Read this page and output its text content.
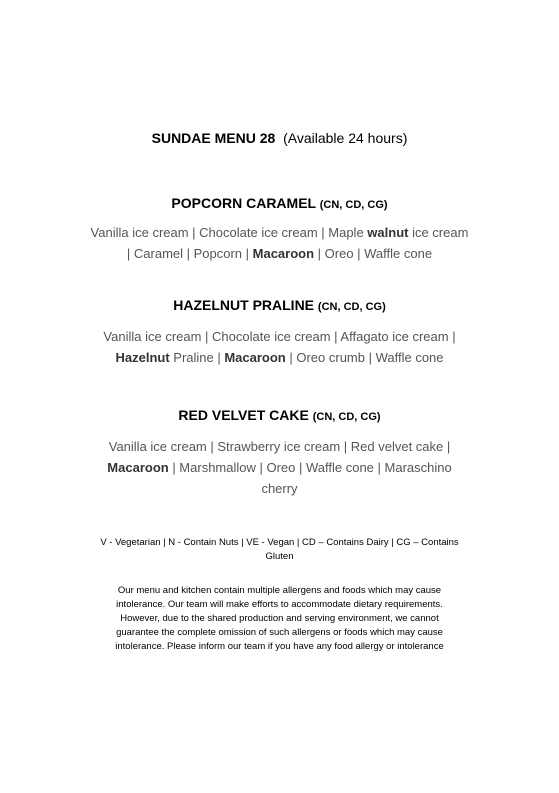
SUNDAE MENU 28 (Available 24 hours)
POPCORN CARAMEL (CN, CD, CG)
Vanilla ice cream | Chocolate ice cream | Maple walnut ice cream | Caramel | Popcorn | Macaroon | Oreo | Waffle cone
HAZELNUT PRALINE (CN, CD, CG)
Vanilla ice cream | Chocolate ice cream | Affagato ice cream | Hazelnut Praline | Macaroon | Oreo crumb | Waffle cone
RED VELVET CAKE (CN, CD, CG)
Vanilla ice cream | Strawberry ice cream | Red velvet cake | Macaroon | Marshmallow | Oreo | Waffle cone | Maraschino cherry
V - Vegetarian | N - Contain Nuts | VE - Vegan | CD – Contains Dairy | CG – Contains Gluten
Our menu and kitchen contain multiple allergens and foods which may cause intolerance. Our team will make efforts to accommodate dietary requirements. However, due to the shared production and serving environment, we cannot guarantee the complete omission of such allergens or foods which may cause intolerance. Please inform our team if you have any food allergy or intolerance
